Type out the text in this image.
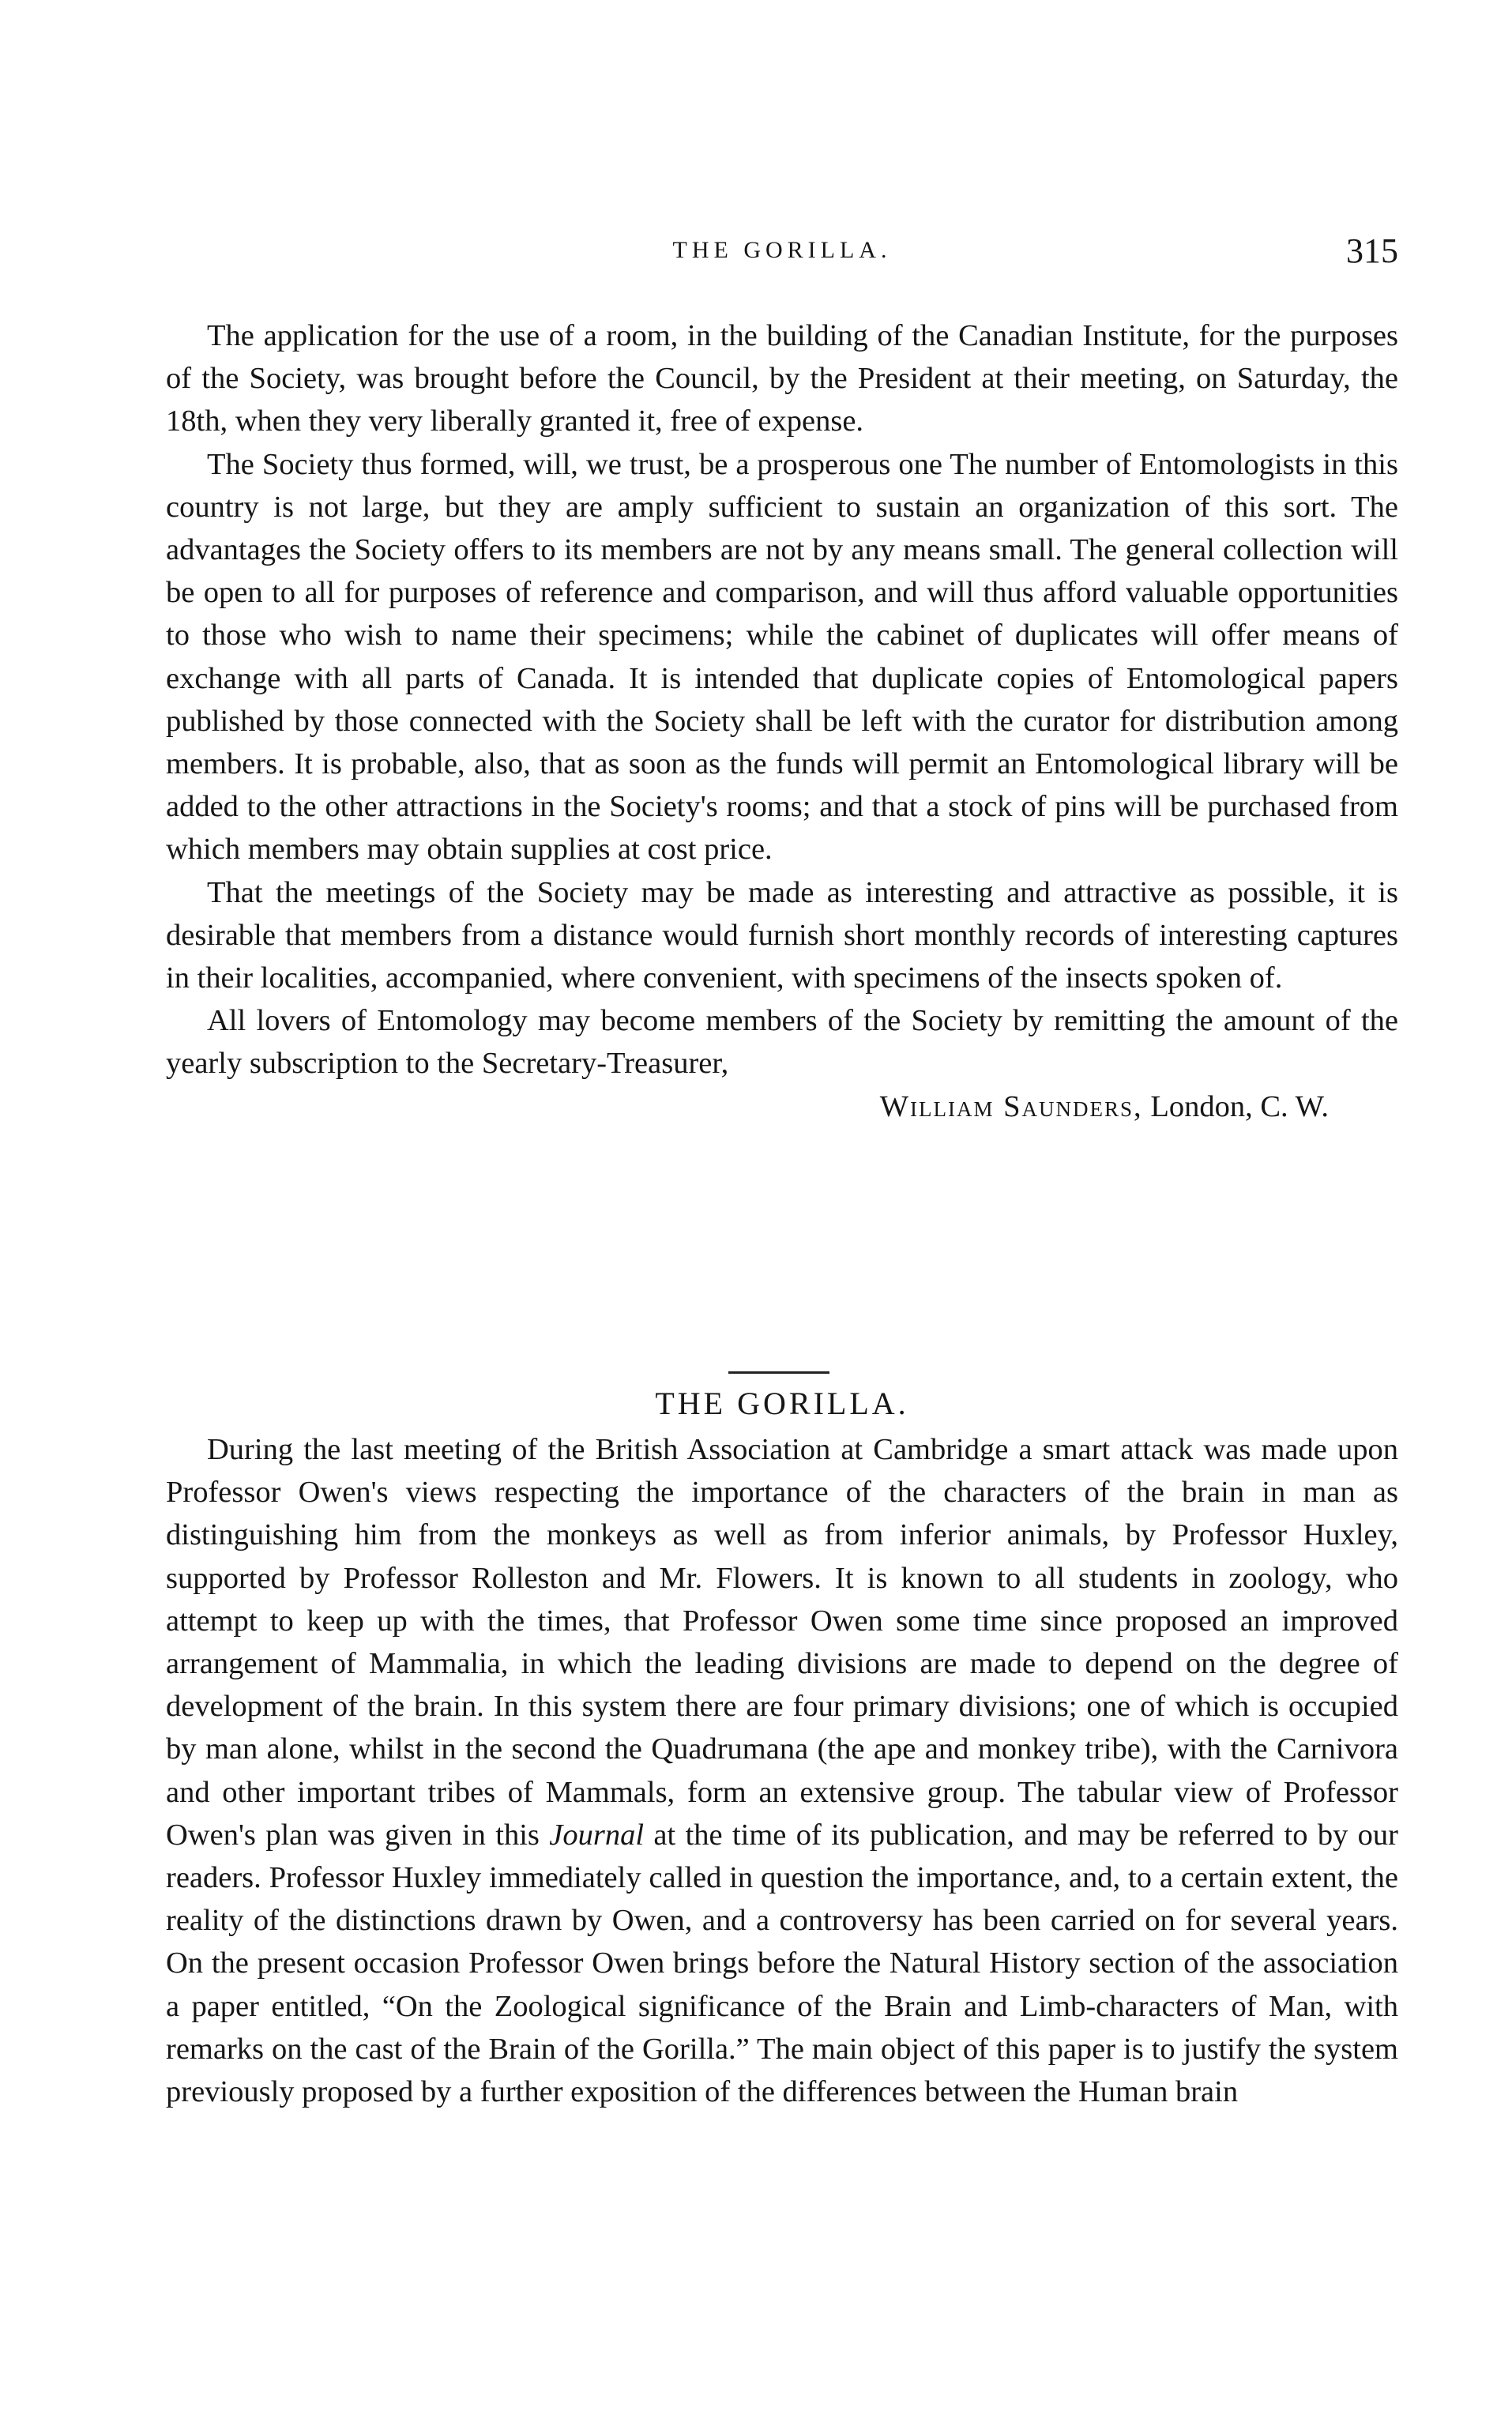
THE GORILLA.	315

The application for the use of a room, in the building of the Canadian Institute, for the purposes of the Society, was brought before the Council, by the President at their meeting, on Saturday, the 18th, when they very liberally granted it, free of expense.

The Society thus formed, will, we trust, be a prosperous one The number of Entomologists in this country is not large, but they are amply sufficient to sustain an organization of this sort. The advantages the Society offers to its members are not by any means small. The general collection will be open to all for purposes of reference and comparison, and will thus afford valuable opportunities to those who wish to name their specimens; while the cabinet of duplicates will offer means of exchange with all parts of Canada. It is intended that duplicate copies of Entomological papers published by those connected with the Society shall be left with the curator for distribution among members. It is probable, also, that as soon as the funds will permit an Entomological library will be added to the other attractions in the Society's rooms; and that a stock of pins will be purchased from which members may obtain supplies at cost price.

That the meetings of the Society may be made as interesting and attractive as possible, it is desirable that members from a distance would furnish short monthly records of interesting captures in their localities, accompanied, where convenient, with specimens of the insects spoken of.

All lovers of Entomology may become members of the Society by remitting the amount of the yearly subscription to the Secretary-Treasurer,

William Saunders, London, C. W.
THE GORILLA.

During the last meeting of the British Association at Cambridge a smart attack was made upon Professor Owen's views respecting the importance of the characters of the brain in man as distinguishing him from the monkeys as well as from inferior animals, by Professor Huxley, supported by Professor Rolleston and Mr. Flowers. It is known to all students in zoology, who attempt to keep up with the times, that Professor Owen some time since proposed an improved arrangement of Mammalia, in which the leading divisions are made to depend on the degree of development of the brain. In this system there are four primary divisions; one of which is occupied by man alone, whilst in the second the Quadrumana (the ape and monkey tribe), with the Carnivora and other important tribes of Mammals, form an extensive group. The tabular view of Professor Owen's plan was given in this Journal at the time of its publication, and may be referred to by our readers. Professor Huxley immediately called in question the importance, and, to a certain extent, the reality of the distinctions drawn by Owen, and a controversy has been carried on for several years. On the present occasion Professor Owen brings before the Natural History section of the association a paper entitled, “On the Zoological significance of the Brain and Limb-characters of Man, with remarks on the cast of the Brain of the Gorilla.” The main object of this paper is to justify the system previously proposed by a further exposition of the differences between the Human brain
